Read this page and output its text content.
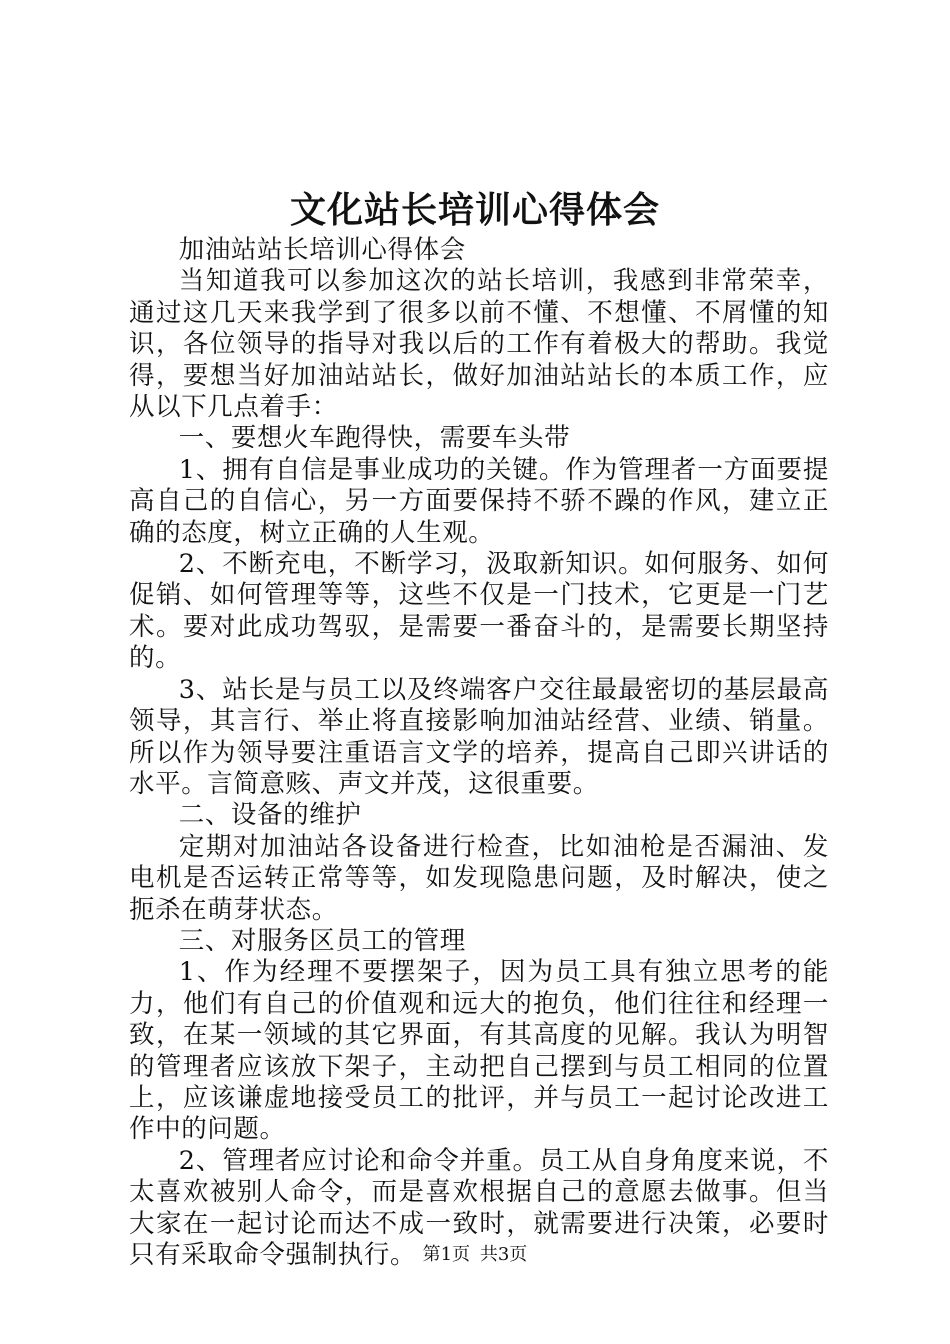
文化站长培训心得体会

加油站站长培训心得体会

当知道我可以参加这次的站长培训，我感到非常荣幸，通过这几天来我学到了很多以前不懂、不想懂、不屑懂的知识，各位领导的指导对我以后的工作有着极大的帮助。我觉得，要想当好加油站站长，做好加油站站长的本质工作，应从以下几点着手：

一、要想火车跑得快，需要车头带

1、拥有自信是事业成功的关键。作为管理者一方面要提高自己的自信心，另一方面要保持不骄不躁的作风，建立正确的态度，树立正确的人生观。

2、不断充电，不断学习，汲取新知识。如何服务、如何促销、如何管理等等，这些不仅是一门技术，它更是一门艺术。要对此成功驾驭，是需要一番奋斗的，是需要长期坚持的。

3、站长是与员工以及终端客户交往最最密切的基层最高领导，其言行、举止将直接影响加油站经营、业绩、销量。所以作为领导要注重语言文学的培养，提高自己即兴讲话的水平。言简意赅、声文并茂，这很重要。

二、设备的维护

定期对加油站各设备进行检查，比如油枪是否漏油、发电机是否运转正常等等，如发现隐患问题，及时解决，使之扼杀在萌芽状态。

三、对服务区员工的管理

1、作为经理不要摆架子，因为员工具有独立思考的能力，他们有自己的价值观和远大的抱负，他们往往和经理一致，在某一领域的其它界面，有其高度的见解。我认为明智的管理者应该放下架子，主动把自己摆到与员工相同的位置上，应该谦虚地接受员工的批评，并与员工一起讨论改进工作中的问题。

2、管理者应讨论和命令并重。员工从自身角度来说，不太喜欢被别人命令，而是喜欢根据自己的意愿去做事。但当大家在一起讨论而达不成一致时，就需要进行决策，必要时只有采取命令强制执行。 第1页 共3页
